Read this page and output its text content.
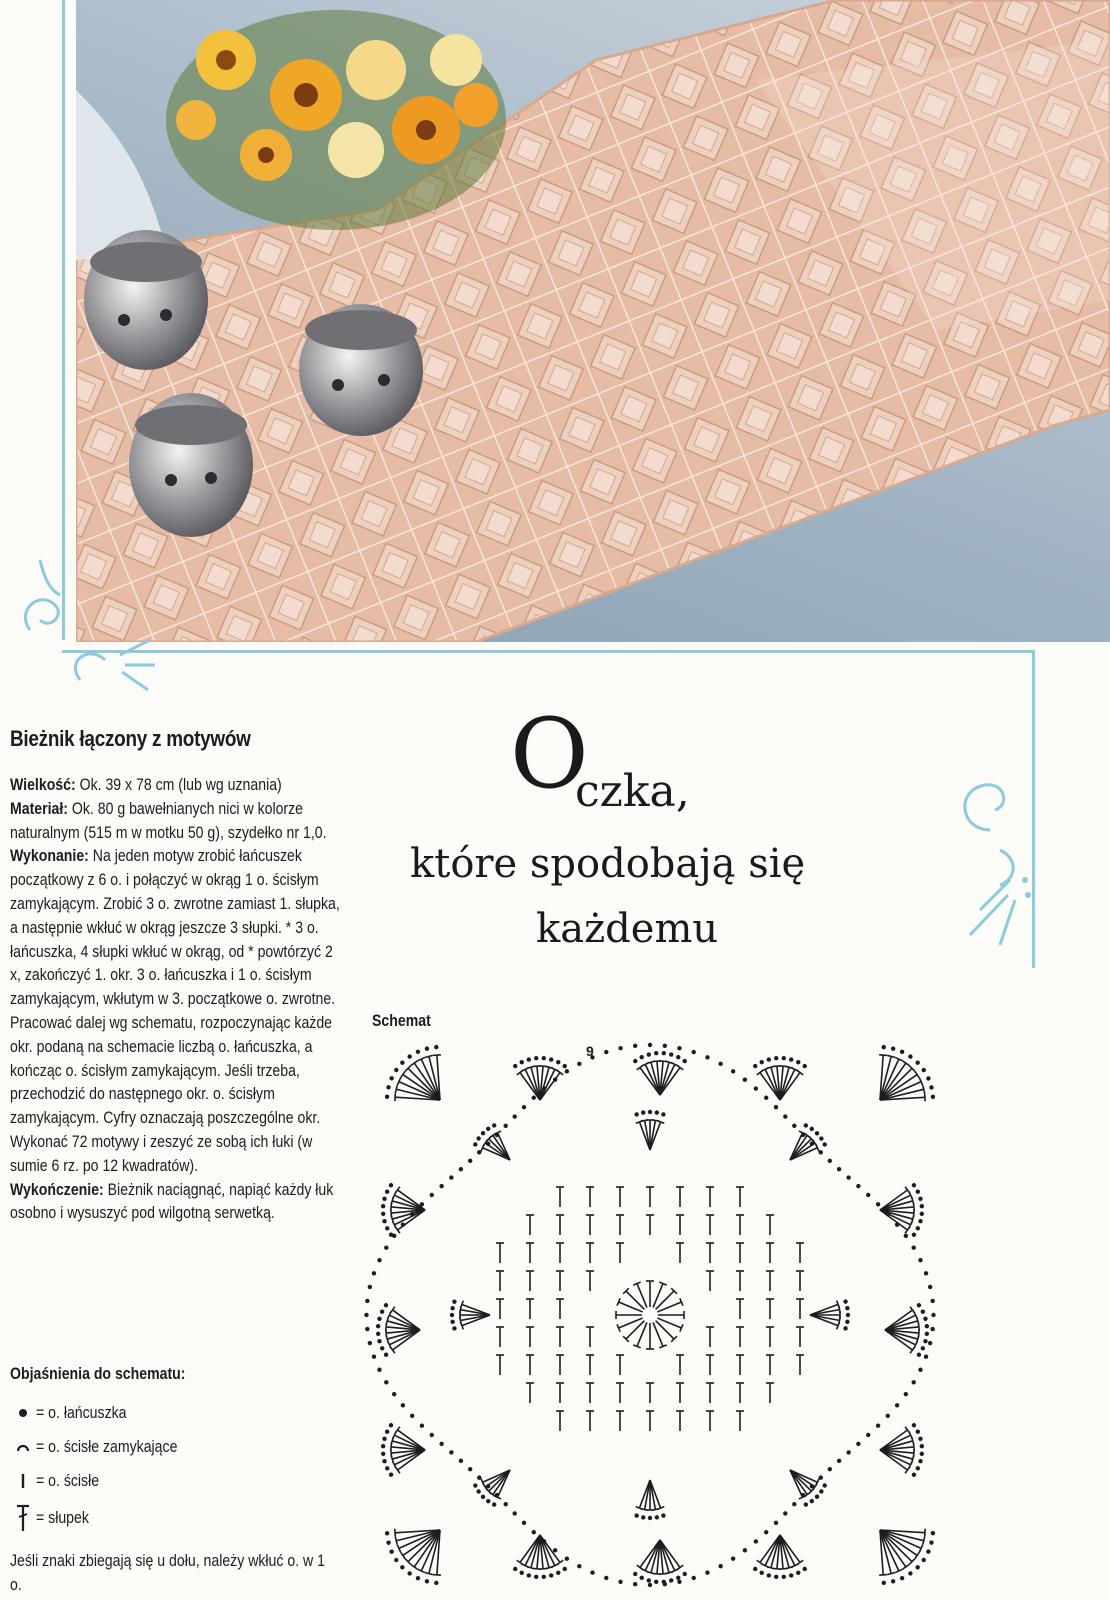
Bieżnik łączony z motywów

Wielkość: Ok. 39 x 78 cm (lub wg uznania)

Materiał: Ok. 80 g bawełnianych nici w kolorze naturalnym (515 m w motku 50 g), szydełko nr 1,0.

Wykonanie: Na jeden motyw zrobić łańcuszek początkowy z 6 o. i połączyć w okrąg 1 o. ścisłym zamykającym. Zrobić 3 o. zwrotne zamiast 1. słupka, a następnie wkłuć w okrąg jeszcze 3 słupki. * 3 o. łańcuszka, 4 słupki wkłuć w okrąg, od * powtórzyć 2 x, zakończyć 1. okr. 3 o. łańcuszka i 1 o. ścisłym zamykającym, wkłutym w 3. początkowe o. zwrotne. Pracować dalej wg schematu, rozpoczynając każde okr. podaną na schemacie liczbą o. łańcuszka, a kończąc o. ścisłym zamykającym. Jeśli trzeba, przechodzić do następnego okr. o. ścisłym zamykającym. Cyfry oznaczają poszczególne okr. Wykonać 72 motywy i zeszyć ze sobą ich łuki (w sumie 6 rz. po 12 kwadratów).

Wykończenie: Bieżnik naciągnąć, napiąć każdy łuk osobno i wysuszyć pod wilgotną serwetką.

Objaśnienia do schematu:
= o. łańcuszka
= o. ścisłe zamykające
= o. ścisłe
= słupek
Jeśli znaki zbiegają się u dołu, należy wkłuć o. w 1 o.
O
czka,
które spodobają się
każdemu
Schemat
9
